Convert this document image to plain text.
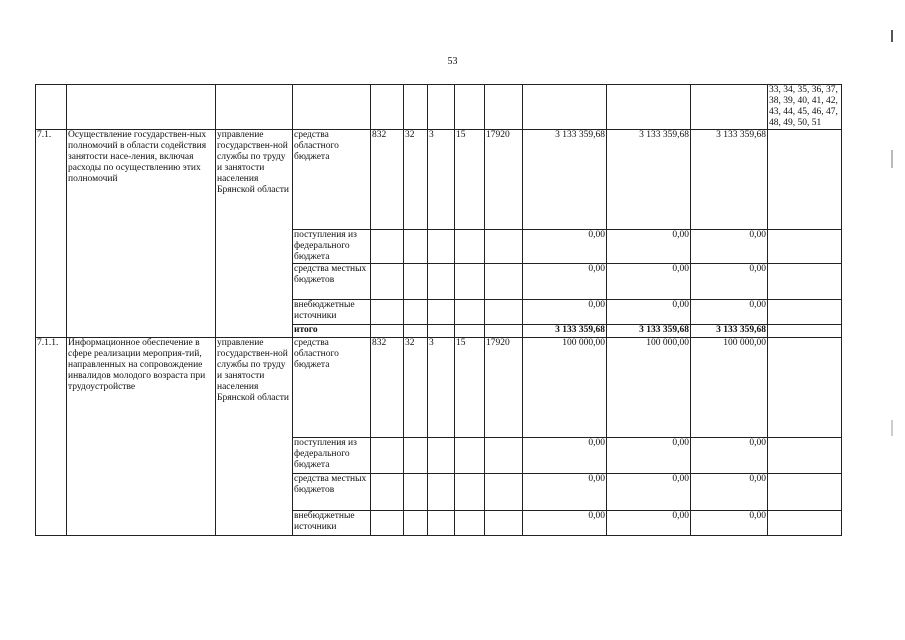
53
												33, 34, 35, 36, 37, 38, 39, 40, 41, 42, 43, 44, 45, 46, 47, 48, 49, 50, 51
7.1.	Осуществление государствен-ных полномочий в области содействия занятости насе-ления, включая расходы по осуществлению этих полномочий	управление государствен-ной службы по труду и занятости населения Брянской области	средства областного бюджета	832	32	3	15	17920	3 133 359,68	3 133 359,68	3 133 359,68	
			поступления из федерального бюджета						0,00	0,00	0,00	
			средства местных бюджетов						0,00	0,00	0,00	
			внебюджетные источники						0,00	0,00	0,00	
			итого						3 133 359,68	3 133 359,68	3 133 359,68	
7.1.1.	Информационное обеспечение в сфере реализации мероприя-тий, направленных на сопровождение инвалидов молодого возраста при трудоустройстве	управление государствен-ной службы по труду и занятости населения Брянской области	средства областного бюджета	832	32	3	15	17920	100 000,00	100 000,00	100 000,00	
			поступления из федерального бюджета						0,00	0,00	0,00	
			средства местных бюджетов						0,00	0,00	0,00	
			внебюджетные источники						0,00	0,00	0,00	
